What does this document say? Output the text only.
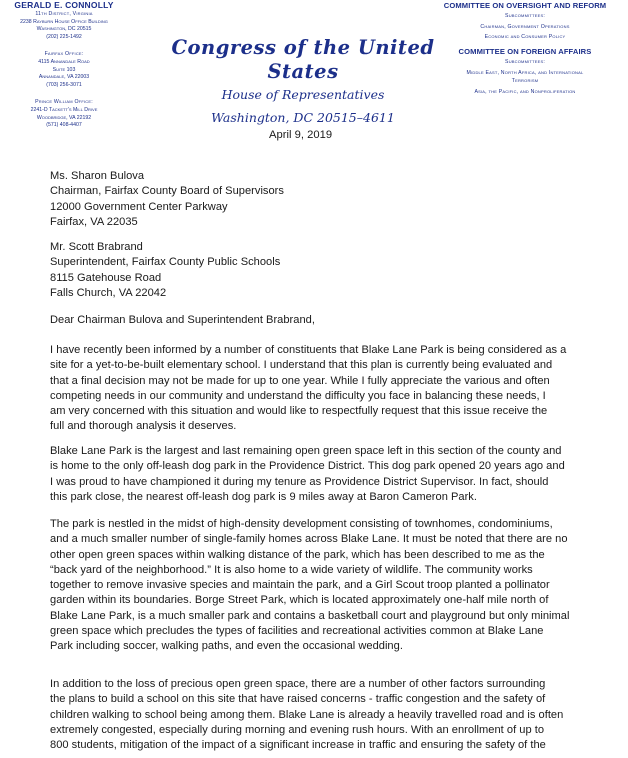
GERALD E. CONNOLLY
11th District, Virginia
2238 Rayburn House Office Building
Washington, DC 20515
(202) 225-1492
Fairfax Office:
4115 Annandale Road
Suite 103
Annandale, VA 22003
(703) 256-3071
Prince William Office:
2241-D Tackett's Mill Drive
Woodbridge, VA 22192
(571) 408-4407
Congress of the United States
House of Representatives
Washington, DC 20515–4611
COMMITTEE ON OVERSIGHT AND REFORM
Subcommittees:
Chairman, Government Operations
Economic and Consumer Policy
COMMITTEE ON FOREIGN AFFAIRS
Subcommittees:
Middle East, North Africa, and International
Terrorism
Asia, the Pacific, and Nonproliferation
April 9, 2019
Ms. Sharon Bulova
Chairman, Fairfax County Board of Supervisors
12000 Government Center Parkway
Fairfax, VA 22035
Mr. Scott Brabrand
Superintendent, Fairfax County Public Schools
8115 Gatehouse Road
Falls Church, VA 22042
Dear Chairman Bulova and Superintendent Brabrand,
I have recently been informed by a number of constituents that Blake Lane Park is being considered as a
site for a yet-to-be-built elementary school. I understand that this plan is currently being evaluated and
that a final decision may not be made for up to one year. While I fully appreciate the various and often
competing needs in our community and understand the difficulty you face in balancing these needs, I
am very concerned with this situation and would like to respectfully request that this issue receive the
full and thorough analysis it deserves.
Blake Lane Park is the largest and last remaining open green space left in this section of the county and
is home to the only off-leash dog park in the Providence District. This dog park opened 20 years ago and
I was proud to have championed it during my tenure as Providence District Supervisor. In fact, should
this park close, the nearest off-leash dog park is 9 miles away at Baron Cameron Park.
The park is nestled in the midst of high-density development consisting of townhomes, condominiums,
and a much smaller number of single-family homes across Blake Lane. It must be noted that there are no
other open green spaces within walking distance of the park, which has been described to me as the
“back yard of the neighborhood.” It is also home to a wide variety of wildlife. The community works
together to remove invasive species and maintain the park, and a Girl Scout troop planted a pollinator
garden within its boundaries. Borge Street Park, which is located approximately one-half mile north of
Blake Lane Park, is a much smaller park and contains a basketball court and playground but only minimal
green space which precludes the types of facilities and recreational activities common at Blake Lane
Park including soccer, walking paths, and even the occasional wedding.
In addition to the loss of precious open green space, there are a number of other factors surrounding
the plans to build a school on this site that have raised concerns - traffic congestion and the safety of
children walking to school being among them. Blake Lane is already a heavily travelled road and is often
extremely congested, especially during morning and evening rush hours. With an enrollment of up to
800 students, mitigation of the impact of a significant increase in traffic and ensuring the safety of the
